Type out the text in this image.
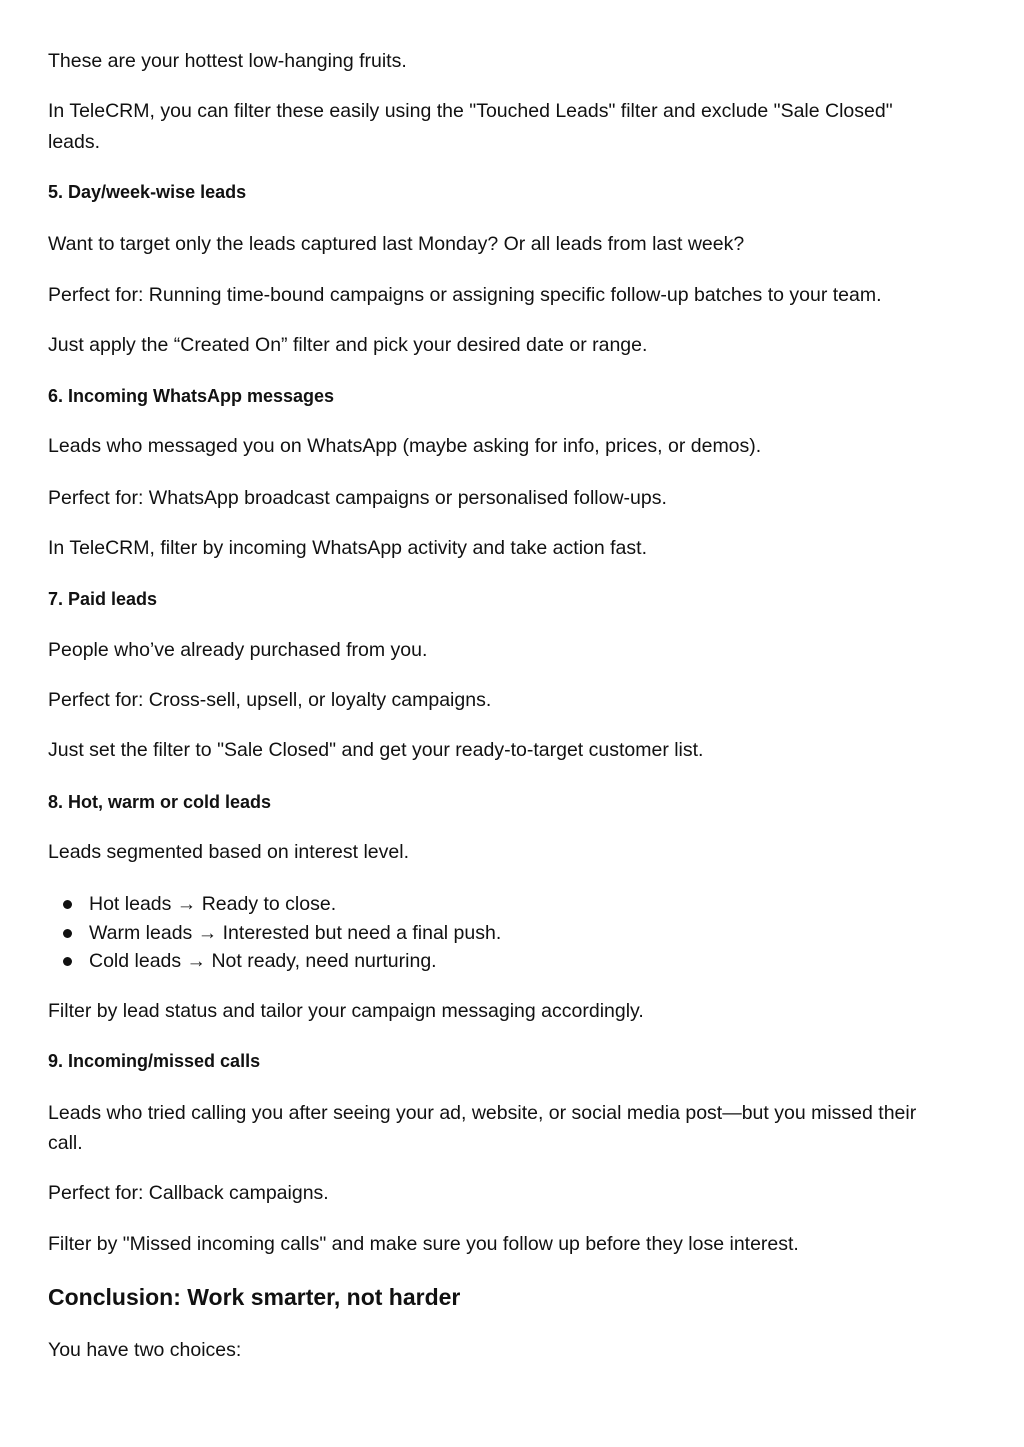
These are your hottest low-hanging fruits.

In TeleCRM, you can filter these easily using the "Touched Leads" filter and exclude "Sale Closed"

leads.

5. Day/week-wise leads

Want to target only the leads captured last Monday? Or all leads from last week?

Perfect for: Running time-bound campaigns or assigning specific follow-up batches to your team.

Just apply the “Created On” filter and pick your desired date or range.

6. Incoming WhatsApp messages

Leads who messaged you on WhatsApp (maybe asking for info, prices, or demos).

Perfect for: WhatsApp broadcast campaigns or personalised follow-ups.

In TeleCRM, filter by incoming WhatsApp activity and take action fast.

7. Paid leads

People who’ve already purchased from you.

Perfect for: Cross-sell, upsell, or loyalty campaigns.

Just set the filter to "Sale Closed" and get your ready-to-target customer list.

8. Hot, warm or cold leads

Leads segmented based on interest level.

Hot leads → Ready to close.

Warm leads → Interested but need a final push.

Cold leads → Not ready, need nurturing.

Filter by lead status and tailor your campaign messaging accordingly.

9. Incoming/missed calls

Leads who tried calling you after seeing your ad, website, or social media post—but you missed their

call.

Perfect for: Callback campaigns.

Filter by "Missed incoming calls" and make sure you follow up before they lose interest.

Conclusion: Work smarter, not harder

You have two choices:
